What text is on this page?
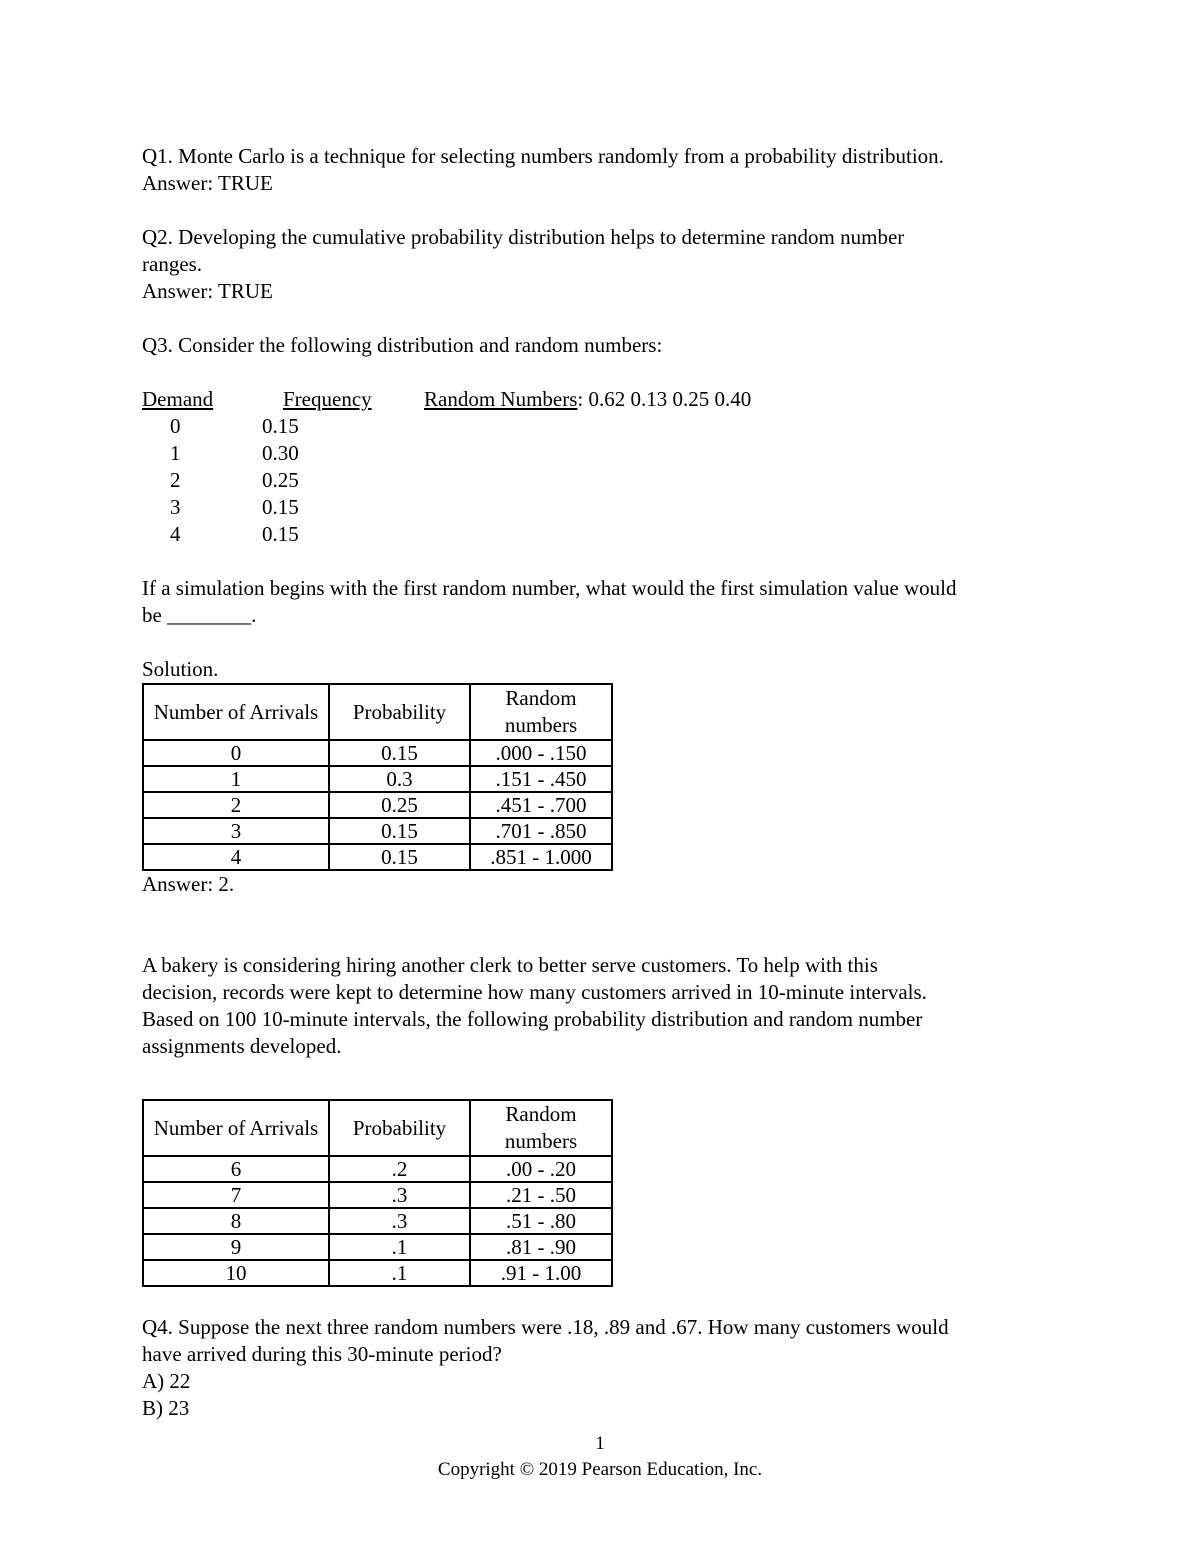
Q1. Monte Carlo is a technique for selecting numbers randomly from a probability distribution.

Answer: TRUE

Q2. Developing the cumulative probability distribution helps to determine random number

ranges.

Answer: TRUE

Q3. Consider the following distribution and random numbers:

Demand	Frequency Random Numbers: 0.62 0.13 0.25 0.40
0	0.15
1	0.30
2	0.25
3	0.15
4	0.15

If a simulation begins with the first random number, what would the first simulation value would

be ________.

Solution.

Number of Arrivals	Probability	Random numbers
0	0.15	.000 - .150
1	0.3	.151 - .450
2	0.25	.451 - .700
3	0.15	.701 - .850
4	0.15	.851 - 1.000

Answer: 2.

A bakery is considering hiring another clerk to better serve customers. To help with this

decision, records were kept to determine how many customers arrived in 10-minute intervals.

Based on 100 10-minute intervals, the following probability distribution and random number

assignments developed.

Number of Arrivals	Probability	Random numbers
6	.2	.00 - .20
7	.3	.21 - .50
8	.3	.51 - .80
9	.1	.81 - .90
10	.1	.91 - 1.00

Q4. Suppose the next three random numbers were .18, .89 and .67. How many customers would

have arrived during this 30-minute period?

A) 22

B) 23

1
Copyright © 2019 Pearson Education, Inc.
